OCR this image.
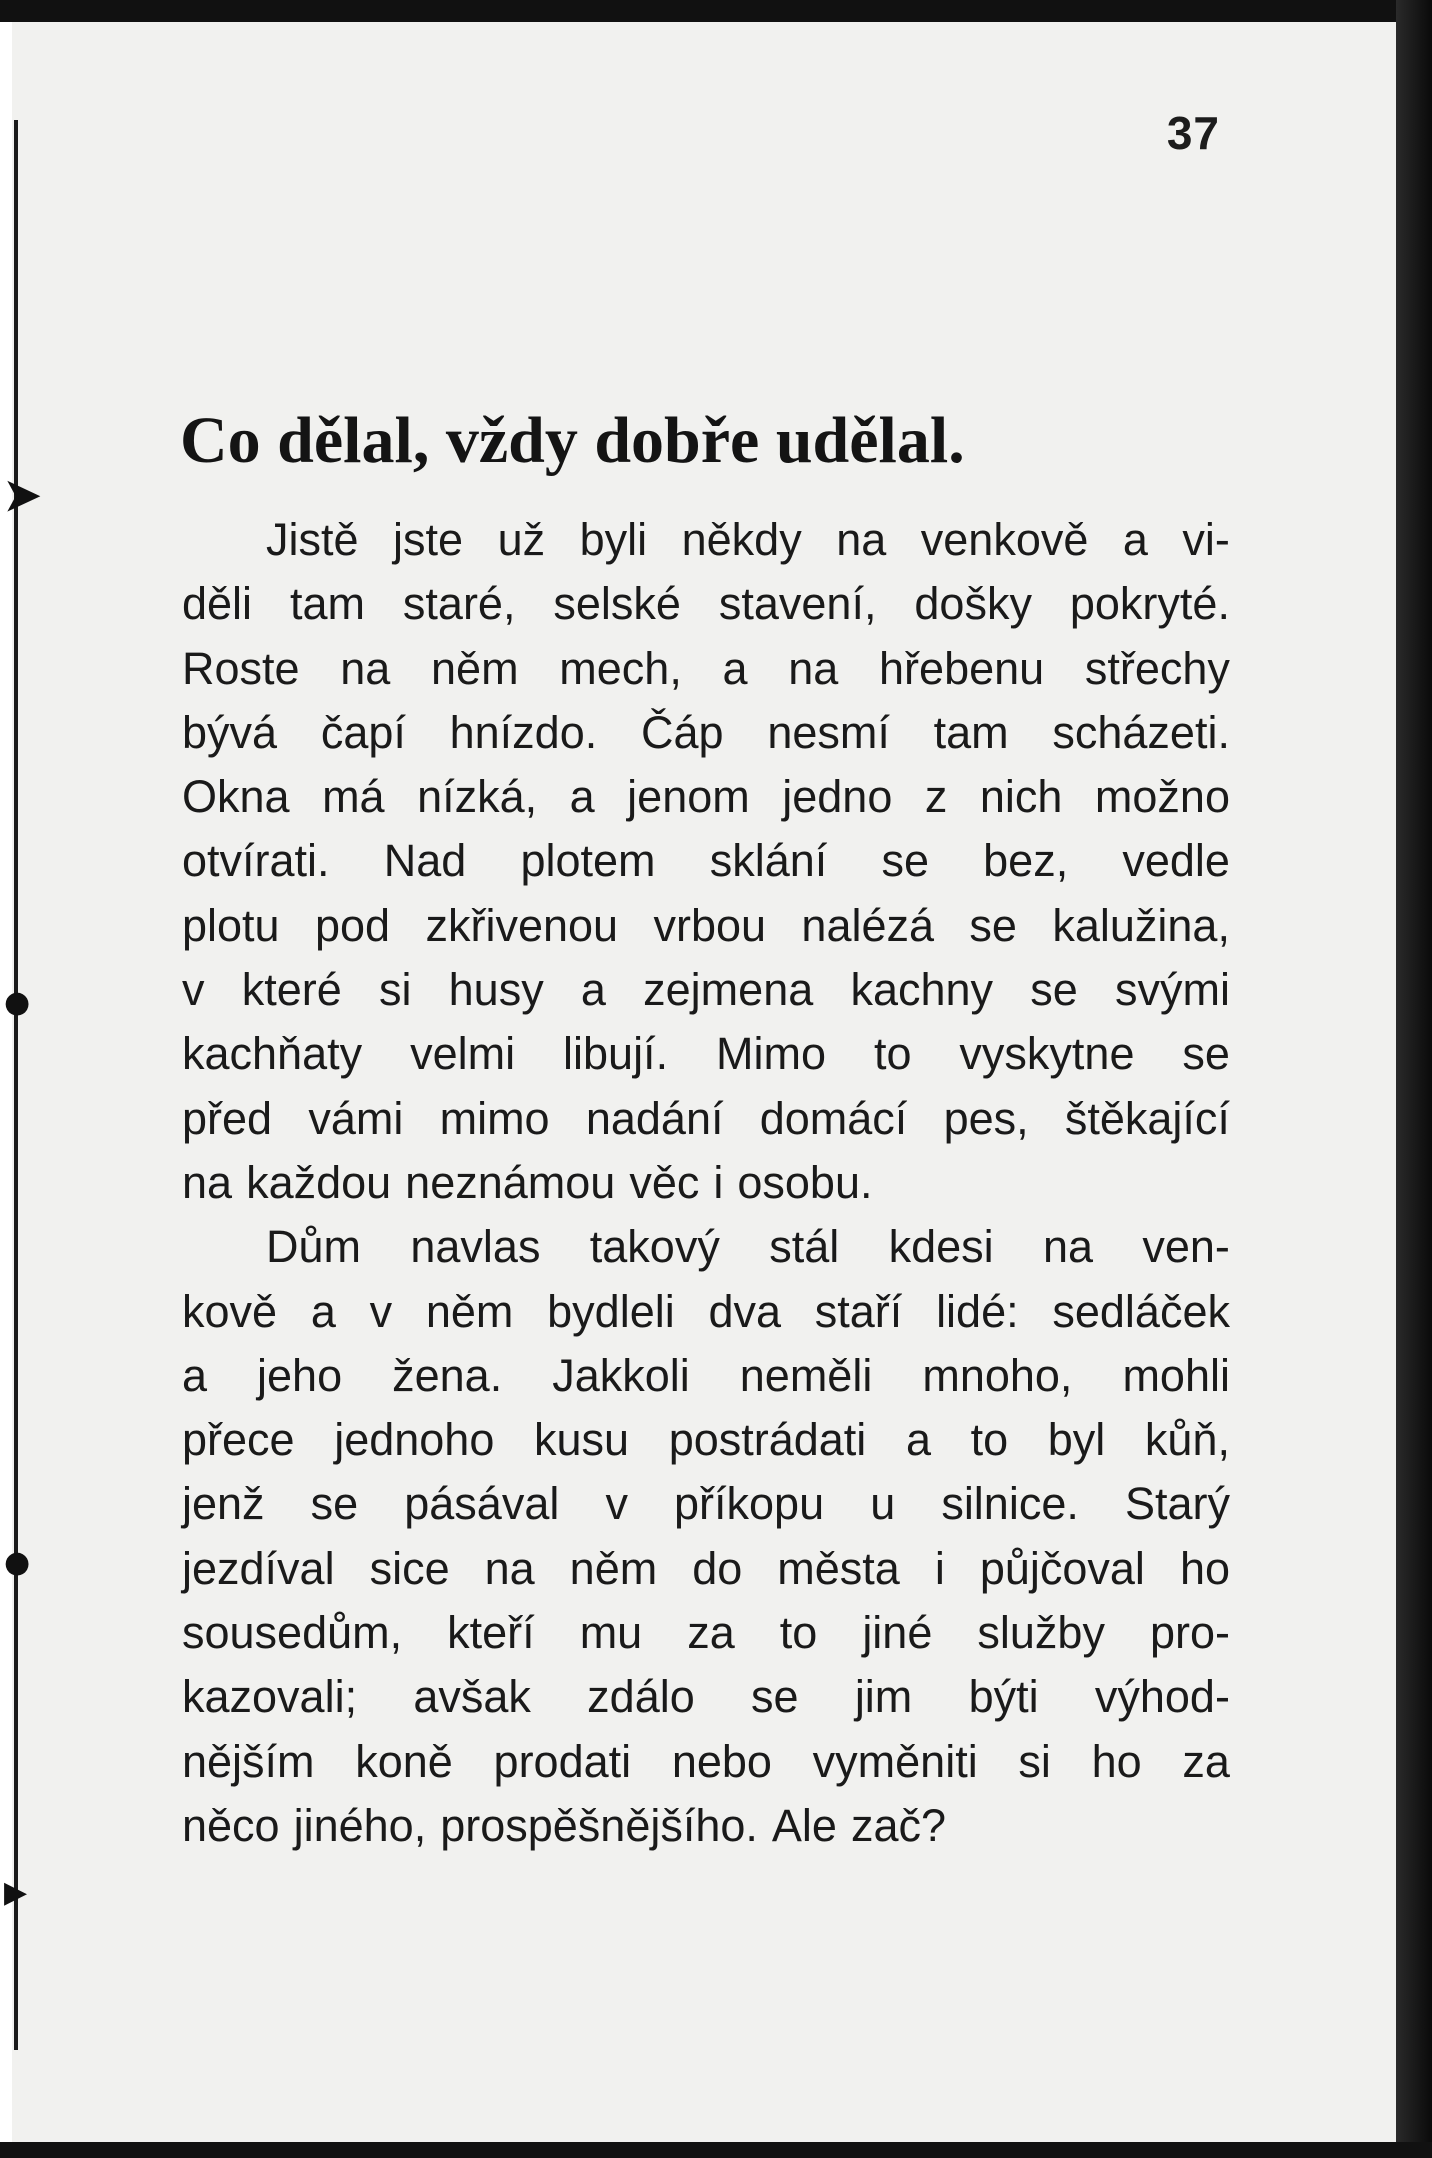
➤
●
●
▶
37
Co dělal, vždy dobře udělal.
Jistě jste už byli někdy na venkově a vi-
děli tam staré, selské stavení, došky pokryté.
Roste na něm mech, a na hřebenu střechy
bývá čapí hnízdo. Čáp nesmí tam scházeti.
Okna má nízká, a jenom jedno z nich možno
otvírati. Nad plotem sklání se bez, vedle
plotu pod zkřivenou vrbou nalézá se kalužina,
v které si husy a zejmena kachny se svými
kachňaty velmi libují. Mimo to vyskytne se
před vámi mimo nadání domácí pes, štěkající
na každou neznámou věc i osobu.
Dům navlas takový stál kdesi na ven-
kově a v něm bydleli dva staří lidé: sedláček
a jeho žena. Jakkoli neměli mnoho, mohli
přece jednoho kusu postrádati a to byl kůň,
jenž se pásával v příkopu u silnice. Starý
jezdíval sice na něm do města i půjčoval ho
sousedům, kteří mu za to jiné služby pro-
kazovali; avšak zdálo se jim býti výhod-
nějším koně prodati nebo vyměniti si ho za
něco jiného, prospěšnějšího. Ale zač?
